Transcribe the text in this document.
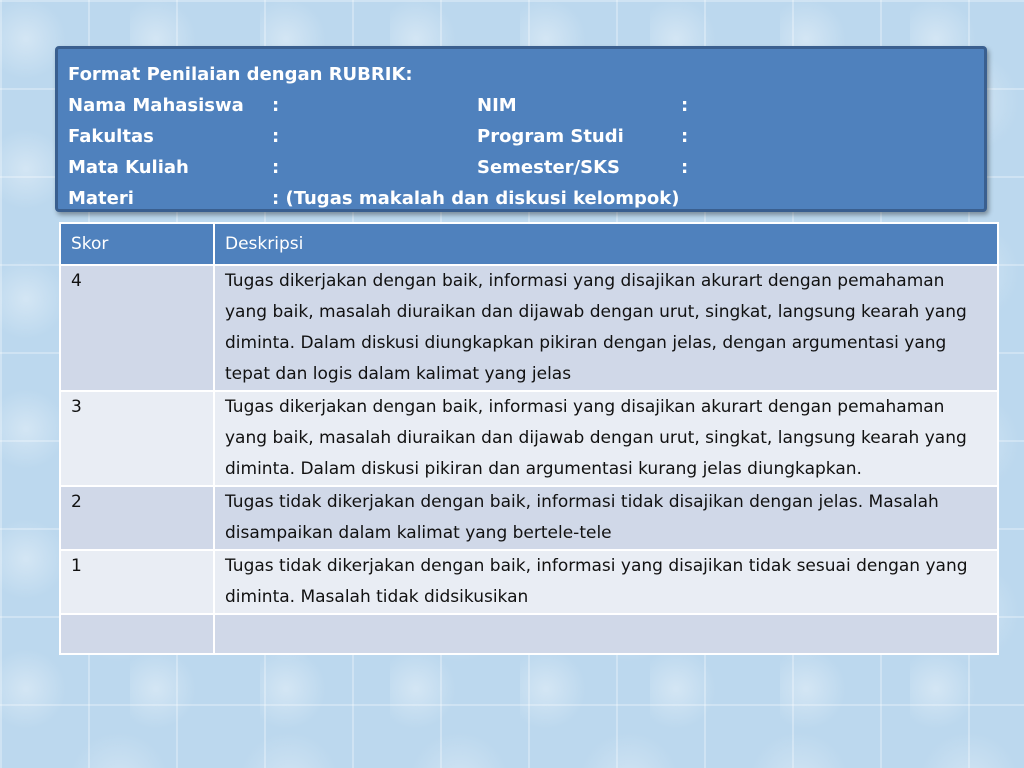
Format Penilaian dengan RUBRIK:
Nama Mahasiswa :	NIM	:
Fakultas	:	Program Studi	:
Mata Kuliah	:	Semester/SKS	:
Materi	: (Tugas makalah dan diskusi kelompok)
Skor	Deskripsi
4	Tugas dikerjakan dengan baik, informasi yang disajikan akurart dengan pemahaman yang baik, masalah diuraikan dan dijawab dengan urut, singkat, langsung kearah yang diminta. Dalam diskusi diungkapkan pikiran dengan jelas, dengan argumentasi yang tepat dan logis dalam kalimat yang jelas
3	Tugas dikerjakan dengan baik, informasi yang disajikan akurart dengan pemahaman yang baik, masalah diuraikan dan dijawab dengan urut, singkat, langsung kearah yang diminta. Dalam diskusi pikiran dan argumentasi kurang jelas diungkapkan.
2	Tugas tidak dikerjakan dengan baik, informasi tidak disajikan dengan jelas. Masalah disampaikan dalam kalimat yang bertele-tele
1	Tugas tidak dikerjakan dengan baik, informasi yang disajikan tidak sesuai dengan yang diminta. Masalah tidak didsikusikan
